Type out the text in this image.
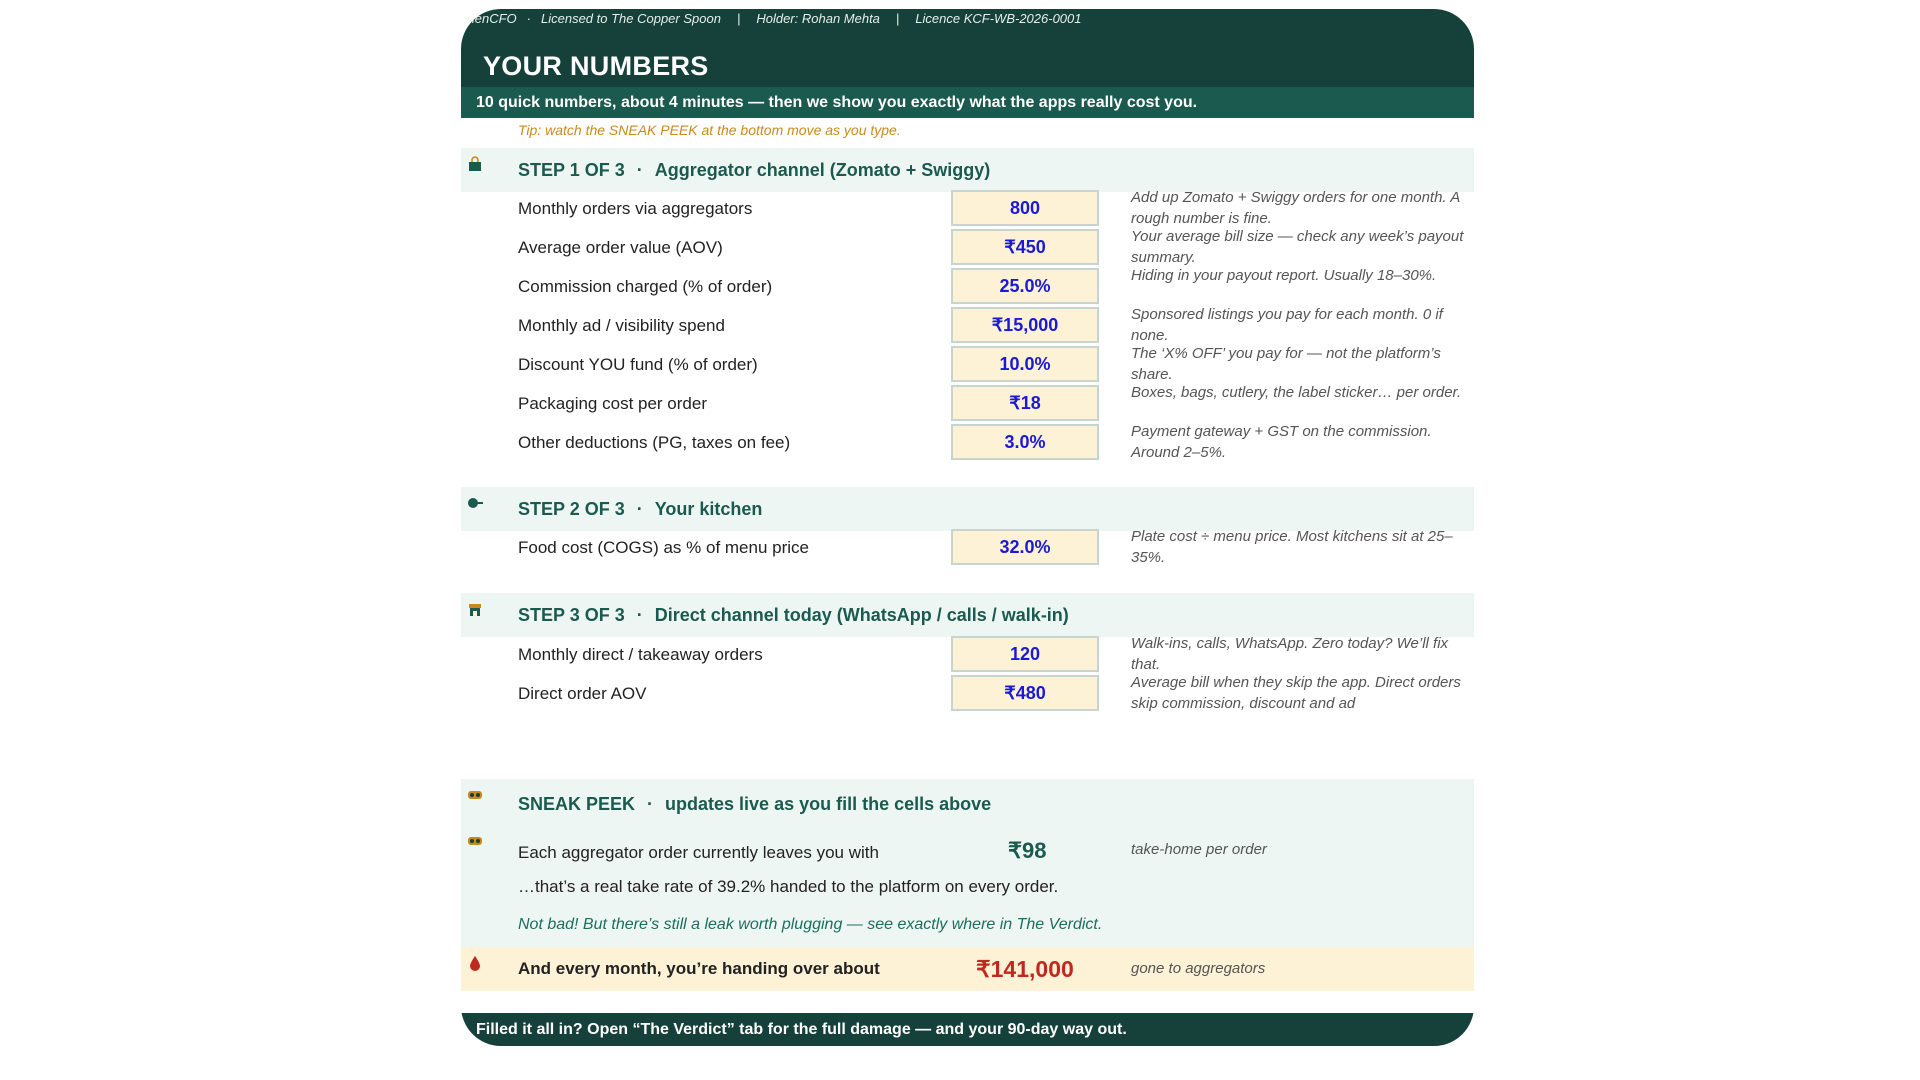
chenCFO · Licensed to The Copper Spoon	|	Holder: Rohan Mehta	|	Licence KCF-WB-2026-0001
YOUR NUMBERS
10 quick numbers, about 4 minutes — then we show you exactly what the apps really cost you.
Tip: watch the SNEAK PEEK at the bottom move as you type.
STEP 1 OF 3 · Aggregator channel (Zomato + Swiggy)
Monthly orders via aggregators	800	Add up Zomato + Swiggy orders for one month. A rough number is fine.
Average order value (AOV)	₹450	Your average bill size — check any week’s payout summary.
Commission charged (% of order)	25.0%	Hiding in your payout report. Usually 18–30%.
Monthly ad / visibility spend	₹15,000	Sponsored listings you pay for each month. 0 if none.
Discount YOU fund (% of order)	10.0%	The ‘X% OFF’ you pay for — not the platform’s share.
Packaging cost per order	₹18	Boxes, bags, cutlery, the label sticker… per order.
Other deductions (PG, taxes on fee)	3.0%	Payment gateway + GST on the commission. Around 2–5%.
STEP 2 OF 3 · Your kitchen
Food cost (COGS) as % of menu price	32.0%	Plate cost ÷ menu price. Most kitchens sit at 25–35%.
STEP 3 OF 3 · Direct channel today (WhatsApp / calls / walk-in)
Monthly direct / takeaway orders	120	Walk-ins, calls, WhatsApp. Zero today? We’ll fix that.
Direct order AOV	₹480	Average bill when they skip the app. Direct orders skip commission, discount and ad
SNEAK PEEK · updates live as you fill the cells above
Each aggregator order currently leaves you with	₹98	take-home per order
…that’s a real take rate of 39.2% handed to the platform on every order.
Not bad! But there’s still a leak worth plugging — see exactly where in The Verdict.
And every month, you’re handing over about	₹141,000	gone to aggregators
Filled it all in? Open “The Verdict” tab for the full damage — and your 90-day way out.
